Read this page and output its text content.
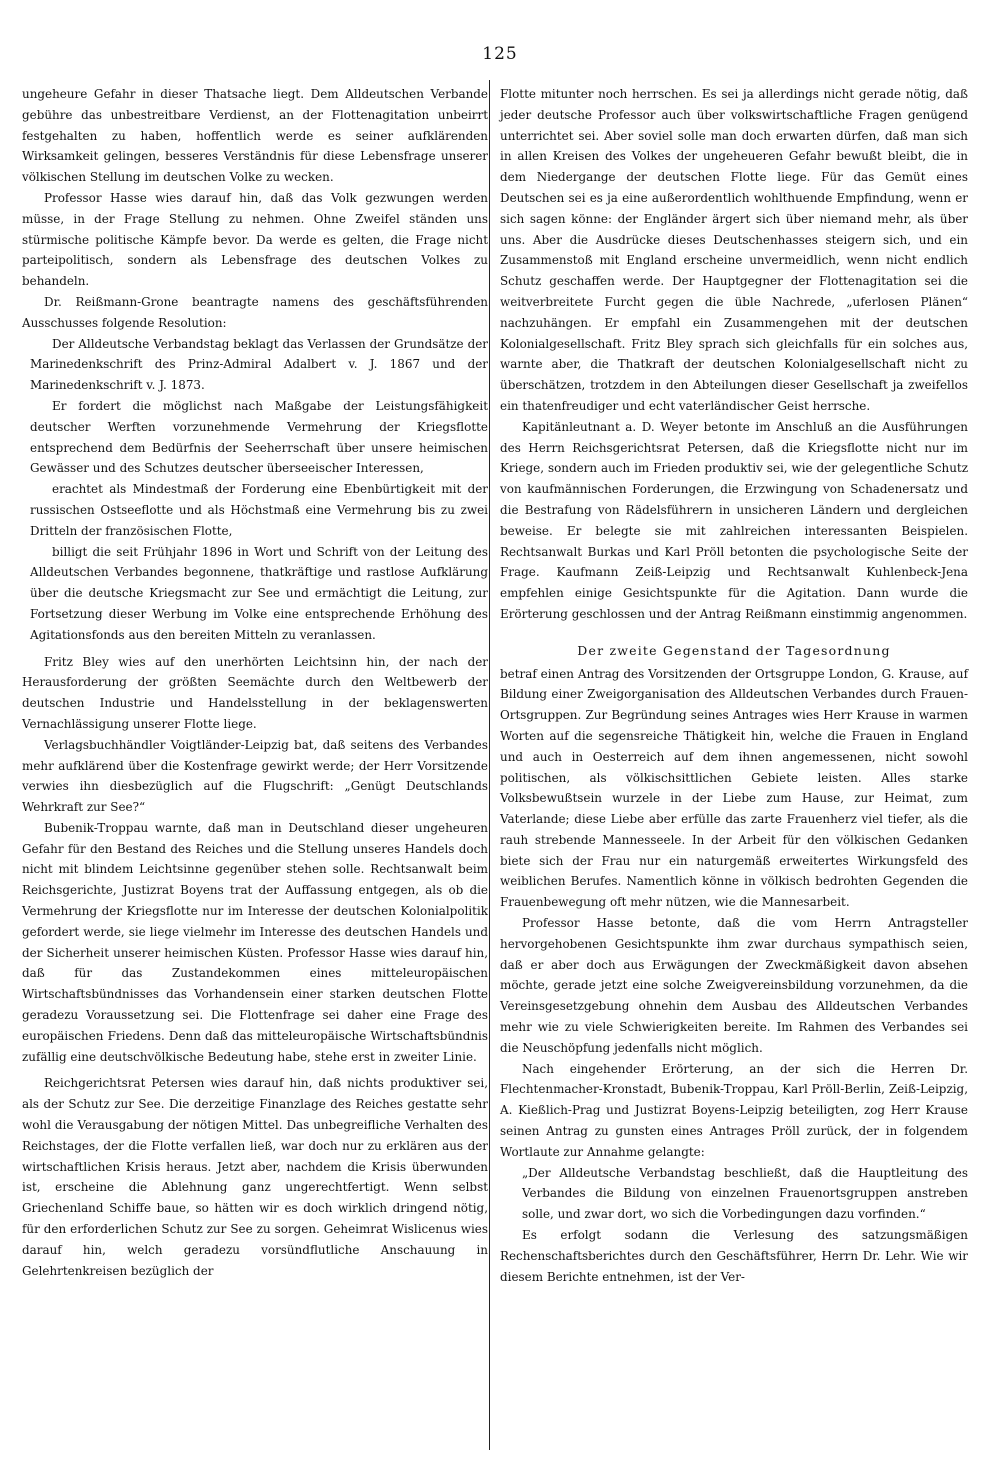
125

ungeheure Gefahr in dieser Thatsache liegt. Dem Alldeutschen Verbande gebühre das unbestreitbare Verdienst, an der Flottenagitation unbeirrt festgehalten zu haben, hoffentlich werde es seiner aufklärenden Wirksamkeit gelingen, besseres Verständnis für diese Lebensfrage unserer völkischen Stellung im deutschen Volke zu wecken.

Professor Hasse wies darauf hin, daß das Volk gezwungen werden müsse, in der Frage Stellung zu nehmen. Ohne Zweifel ständen uns stürmische politische Kämpfe bevor. Da werde es gelten, die Frage nicht parteipolitisch, sondern als Lebensfrage des deutschen Volkes zu behandeln.

Dr. Reißmann-Grone beantragte namens des geschäftsführenden Ausschusses folgende Resolution:

Der Alldeutsche Verbandstag beklagt das Verlassen der Grundsätze der Marinedenkschrift des Prinz-Admiral Adalbert v. J. 1867 und der Marinedenkschrift v. J. 1873.

Er fordert die möglichst nach Maßgabe der Leistungsfähigkeit deutscher Werften vorzunehmende Vermehrung der Kriegsflotte entsprechend dem Bedürfnis der Seeherrschaft über unsere heimischen Gewässer und des Schutzes deutscher überseeischer Interessen,

erachtet als Mindestmaß der Forderung eine Ebenbürtigkeit mit der russischen Ostseeflotte und als Höchstmaß eine Vermehrung bis zu zwei Dritteln der französischen Flotte,

billigt die seit Frühjahr 1896 in Wort und Schrift von der Leitung des Alldeutschen Verbandes begonnene, thatkräftige und rastlose Aufklärung über die deutsche Kriegsmacht zur See und ermächtigt die Leitung, zur Fortsetzung dieser Werbung im Volke eine entsprechende Erhöhung des Agitationsfonds aus den bereiten Mitteln zu veranlassen.

Fritz Bley wies auf den unerhörten Leichtsinn hin, der nach der Herausforderung der größten Seemächte durch den Weltbewerb der deutschen Industrie und Handelsstellung in der beklagenswerten Vernachlässigung unserer Flotte liege.

Verlagsbuchhändler Voigtländer-Leipzig bat, daß seitens des Verbandes mehr aufklärend über die Kostenfrage gewirkt werde; der Herr Vorsitzende verwies ihn diesbezüglich auf die Flugschrift: „Genügt Deutschlands Wehrkraft zur See?“

Bubenik-Troppau warnte, daß man in Deutschland dieser ungeheuren Gefahr für den Bestand des Reiches und die Stellung unseres Handels doch nicht mit blindem Leichtsinne gegenüber stehen solle. Rechtsanwalt beim Reichsgerichte, Justizrat Boyens trat der Auffassung entgegen, als ob die Vermehrung der Kriegsflotte nur im Interesse der deutschen Kolonialpolitik gefordert werde, sie liege vielmehr im Interesse des deutschen Handels und der Sicherheit unserer heimischen Küsten. Professor Hasse wies darauf hin, daß für das Zustandekommen eines mitteleuropäischen Wirtschaftsbündnisses das Vorhandensein einer starken deutschen Flotte geradezu Voraussetzung sei. Die Flottenfrage sei daher eine Frage des europäischen Friedens. Denn daß das mitteleuropäische Wirtschaftsbündnis zufällig eine deutschvölkische Bedeutung habe, stehe erst in zweiter Linie.

Reichgerichtsrat Petersen wies darauf hin, daß nichts produktiver sei, als der Schutz zur See. Die derzeitige Finanzlage des Reiches gestatte sehr wohl die Verausgabung der nötigen Mittel. Das unbegreifliche Verhalten des Reichstages, der die Flotte verfallen ließ, war doch nur zu erklären aus der wirtschaftlichen Krisis heraus. Jetzt aber, nachdem die Krisis überwunden ist, erscheine die Ablehnung ganz ungerechtfertigt. Wenn selbst Griechenland Schiffe baue, so hätten wir es doch wirklich dringend nötig, für den erforderlichen Schutz zur See zu sorgen. Geheimrat Wislicenus wies darauf hin, welch geradezu vorsündflutliche Anschauung in Gelehrtenkreisen bezüglich der

Flotte mitunter noch herrschen. Es sei ja allerdings nicht gerade nötig, daß jeder deutsche Professor auch über volkswirtschaftliche Fragen genügend unterrichtet sei. Aber soviel solle man doch erwarten dürfen, daß man sich in allen Kreisen des Volkes der ungeheueren Gefahr bewußt bleibt, die in dem Niedergange der deutschen Flotte liege. Für das Gemüt eines Deutschen sei es ja eine außerordentlich wohlthuende Empfindung, wenn er sich sagen könne: der Engländer ärgert sich über niemand mehr, als über uns. Aber die Ausdrücke dieses Deutschenhasses steigern sich, und ein Zusammenstoß mit England erscheine unvermeidlich, wenn nicht endlich Schutz geschaffen werde. Der Hauptgegner der Flottenagitation sei die weitverbreitete Furcht gegen die üble Nachrede, „uferlosen Plänen“ nachzuhängen. Er empfahl ein Zusammengehen mit der deutschen Kolonialgesellschaft. Fritz Bley sprach sich gleichfalls für ein solches aus, warnte aber, die Thatkraft der deutschen Kolonialgesellschaft nicht zu überschätzen, trotzdem in den Abteilungen dieser Gesellschaft ja zweifellos ein thatenfreudiger und echt vaterländischer Geist herrsche.

Kapitänleutnant a. D. Weyer betonte im Anschluß an die Ausführungen des Herrn Reichsgerichtsrat Petersen, daß die Kriegsflotte nicht nur im Kriege, sondern auch im Frieden produktiv sei, wie der gelegentliche Schutz von kaufmännischen Forderungen, die Erzwingung von Schadenersatz und die Bestrafung von Rädelsführern in unsicheren Ländern und dergleichen beweise. Er belegte sie mit zahlreichen interessanten Beispielen. Rechtsanwalt Burkas und Karl Pröll betonten die psychologische Seite der Frage. Kaufmann Zeiß-Leipzig und Rechtsanwalt Kuhlenbeck-Jena empfehlen einige Gesichtspunkte für die Agitation. Dann wurde die Erörterung geschlossen und der Antrag Reißmann einstimmig angenommen.

Der zweite Gegenstand der Tagesordnung

betraf einen Antrag des Vorsitzenden der Ortsgruppe London, G. Krause, auf Bildung einer Zweigorganisation des Alldeutschen Verbandes durch Frauen-Ortsgruppen. Zur Begründung seines Antrages wies Herr Krause in warmen Worten auf die segensreiche Thätigkeit hin, welche die Frauen in England und auch in Oesterreich auf dem ihnen angemessenen, nicht sowohl politischen, als völkischsittlichen Gebiete leisten. Alles starke Volksbewußtsein wurzele in der Liebe zum Hause, zur Heimat, zum Vaterlande; diese Liebe aber erfülle das zarte Frauenherz viel tiefer, als die rauh strebende Mannesseele. In der Arbeit für den völkischen Gedanken biete sich der Frau nur ein naturgemäß erweitertes Wirkungsfeld des weiblichen Berufes. Namentlich könne in völkisch bedrohten Gegenden die Frauenbewegung oft mehr nützen, wie die Mannesarbeit.

Professor Hasse betonte, daß die vom Herrn Antragsteller hervorgehobenen Gesichtspunkte ihm zwar durchaus sympathisch seien, daß er aber doch aus Erwägungen der Zweckmäßigkeit davon absehen möchte, gerade jetzt eine solche Zweigvereinsbildung vorzunehmen, da die Vereinsgesetzgebung ohnehin dem Ausbau des Alldeutschen Verbandes mehr wie zu viele Schwierigkeiten bereite. Im Rahmen des Verbandes sei die Neuschöpfung jedenfalls nicht möglich.

Nach eingehender Erörterung, an der sich die Herren Dr. Flechtenmacher-Kronstadt, Bubenik-Troppau, Karl Pröll-Berlin, Zeiß-Leipzig, A. Kießlich-Prag und Justizrat Boyens-Leipzig beteiligten, zog Herr Krause seinen Antrag zu gunsten eines Antrages Pröll zurück, der in folgendem Wortlaute zur Annahme gelangte:

„Der Alldeutsche Verbandstag beschließt, daß die Hauptleitung des Verbandes die Bildung von einzelnen Frauenortsgruppen anstreben solle, und zwar dort, wo sich die Vorbedingungen dazu vorfinden.“

Es erfolgt sodann die Verlesung des satzungsmäßigen Rechenschaftsberichtes durch den Geschäftsführer, Herrn Dr. Lehr. Wie wir diesem Berichte entnehmen, ist der Ver-
